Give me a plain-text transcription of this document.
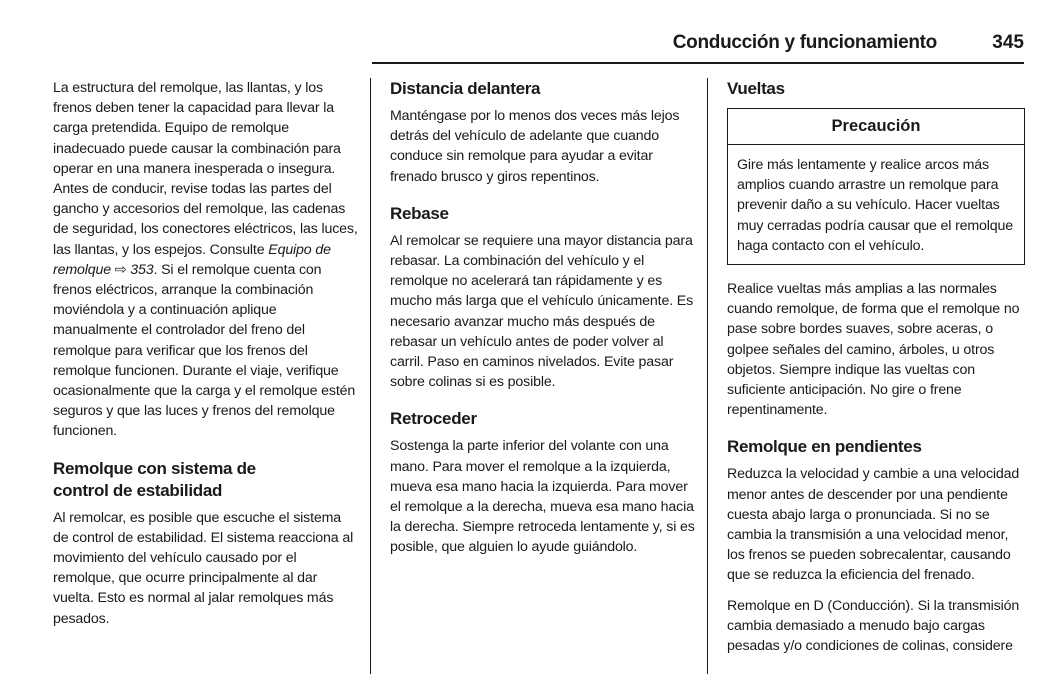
Conducción y funcionamiento	345

La estructura del remolque, las llantas, y los frenos deben tener la capacidad para llevar la carga pretendida. Equipo de remolque inadecuado puede causar la combinación para operar en una manera inesperada o insegura. Antes de conducir, revise todas las partes del gancho y accesorios del remolque, las cadenas de seguridad, los conectores eléctricos, las luces, las llantas, y los espejos. Consulte Equipo de remolque ⇨ 353. Si el remolque cuenta con frenos eléctricos, arranque la combinación moviéndola y a continuación aplique manualmente el controlador del freno del remolque para verificar que los frenos del remolque funcionen. Durante el viaje, verifique ocasionalmente que la carga y el remolque estén seguros y que las luces y frenos del remolque funcionen.

Remolque con sistema de control de estabilidad

Al remolcar, es posible que escuche el sistema de control de estabilidad. El sistema reacciona al movimiento del vehículo causado por el remolque, que ocurre principalmente al dar vuelta. Esto es normal al jalar remolques más pesados.

Distancia delantera

Manténgase por lo menos dos veces más lejos detrás del vehículo de adelante que cuando conduce sin remolque para ayudar a evitar frenado brusco y giros repentinos.

Rebase

Al remolcar se requiere una mayor distancia para rebasar. La combinación del vehículo y el remolque no acelerará tan rápidamente y es mucho más larga que el vehículo únicamente. Es necesario avanzar mucho más después de rebasar un vehículo antes de poder volver al carril. Paso en caminos nivelados. Evite pasar sobre colinas si es posible.

Retroceder

Sostenga la parte inferior del volante con una mano. Para mover el remolque a la izquierda, mueva esa mano hacia la izquierda. Para mover el remolque a la derecha, mueva esa mano hacia la derecha. Siempre retroceda lentamente y, si es posible, que alguien lo ayude guiándolo.

Vueltas
Precaución

Gire más lentamente y realice arcos más amplios cuando arrastre un remolque para prevenir daño a su vehículo. Hacer vueltas muy cerradas podría causar que el remolque haga contacto con el vehículo.

Realice vueltas más amplias a las normales cuando remolque, de forma que el remolque no pase sobre bordes suaves, sobre aceras, o golpee señales del camino, árboles, u otros objetos. Siempre indique las vueltas con suficiente anticipación. No gire o frene repentinamente.

Remolque en pendientes

Reduzca la velocidad y cambie a una velocidad menor antes de descender por una pendiente cuesta abajo larga o pronunciada. Si no se cambia la transmisión a una velocidad menor, los frenos se pueden sobrecalentar, causando que se reduzca la eficiencia del frenado.

Remolque en D (Conducción). Si la transmisión cambia demasiado a menudo bajo cargas pesadas y/o condiciones de colinas, considere
